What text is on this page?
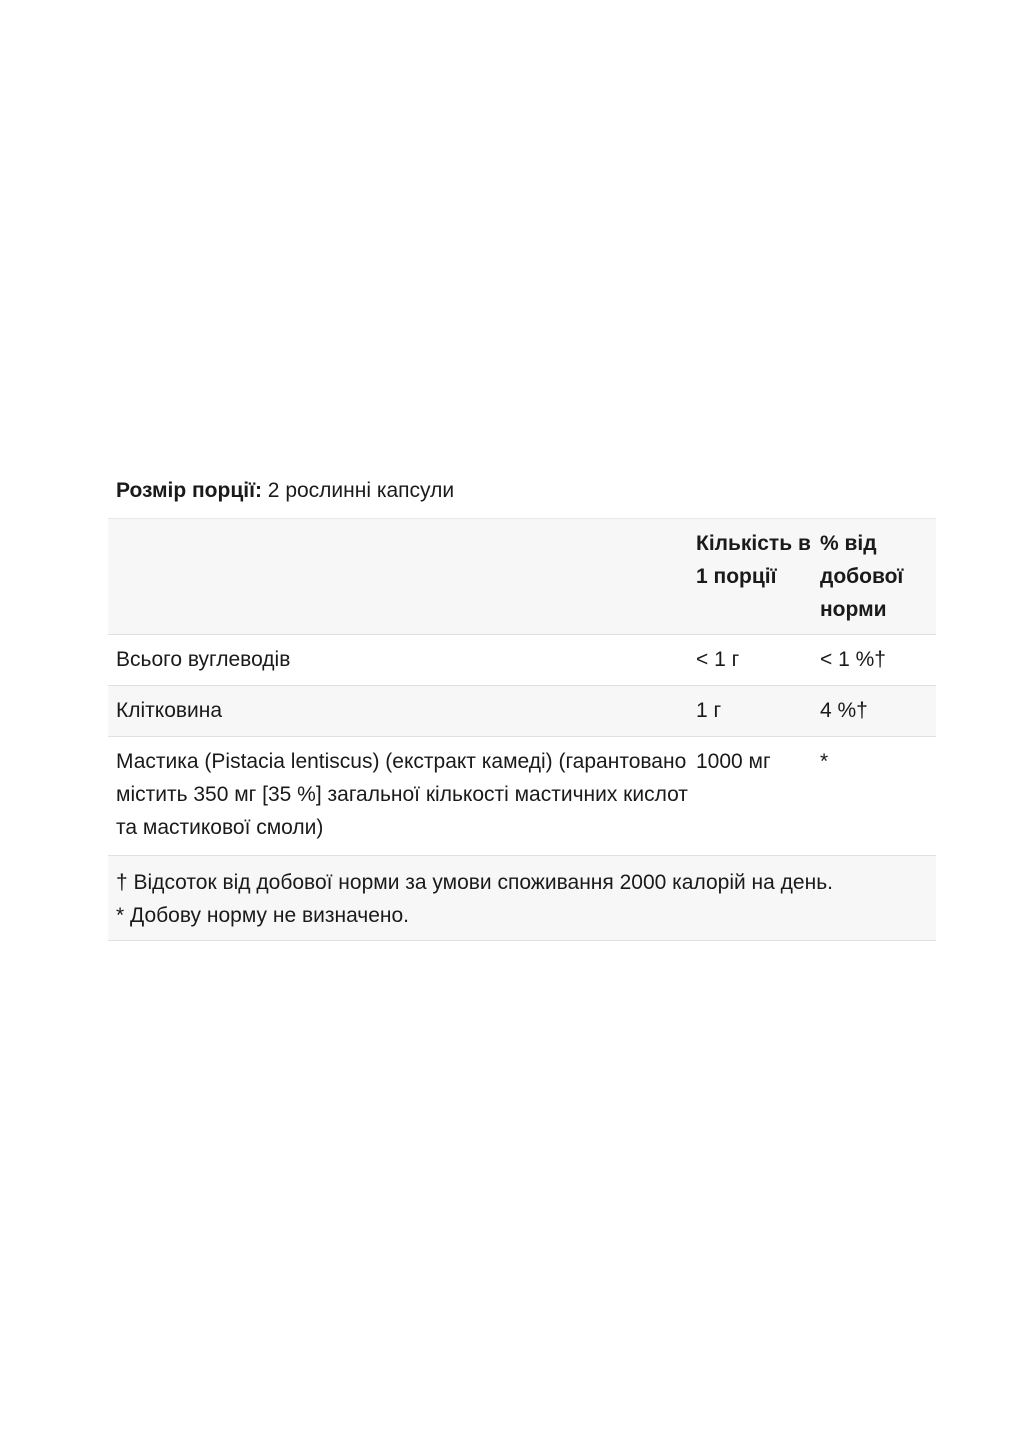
Розмір порції: 2 рослинні капсули
	Кількість в 1 порції	% від добової норми
Всього вуглеводів	< 1 г	< 1 %†
Клітковина	1 г	4 %†
Мастика (Pistacia lentiscus) (екстракт камеді) (гарантовано містить 350 мг [35 %] загальної кількості мастичних кислот та мастикової смоли)	1000 мг	*
† Відсоток від добової норми за умови споживання 2000 калорій на день.
* Добову норму не визначено.
